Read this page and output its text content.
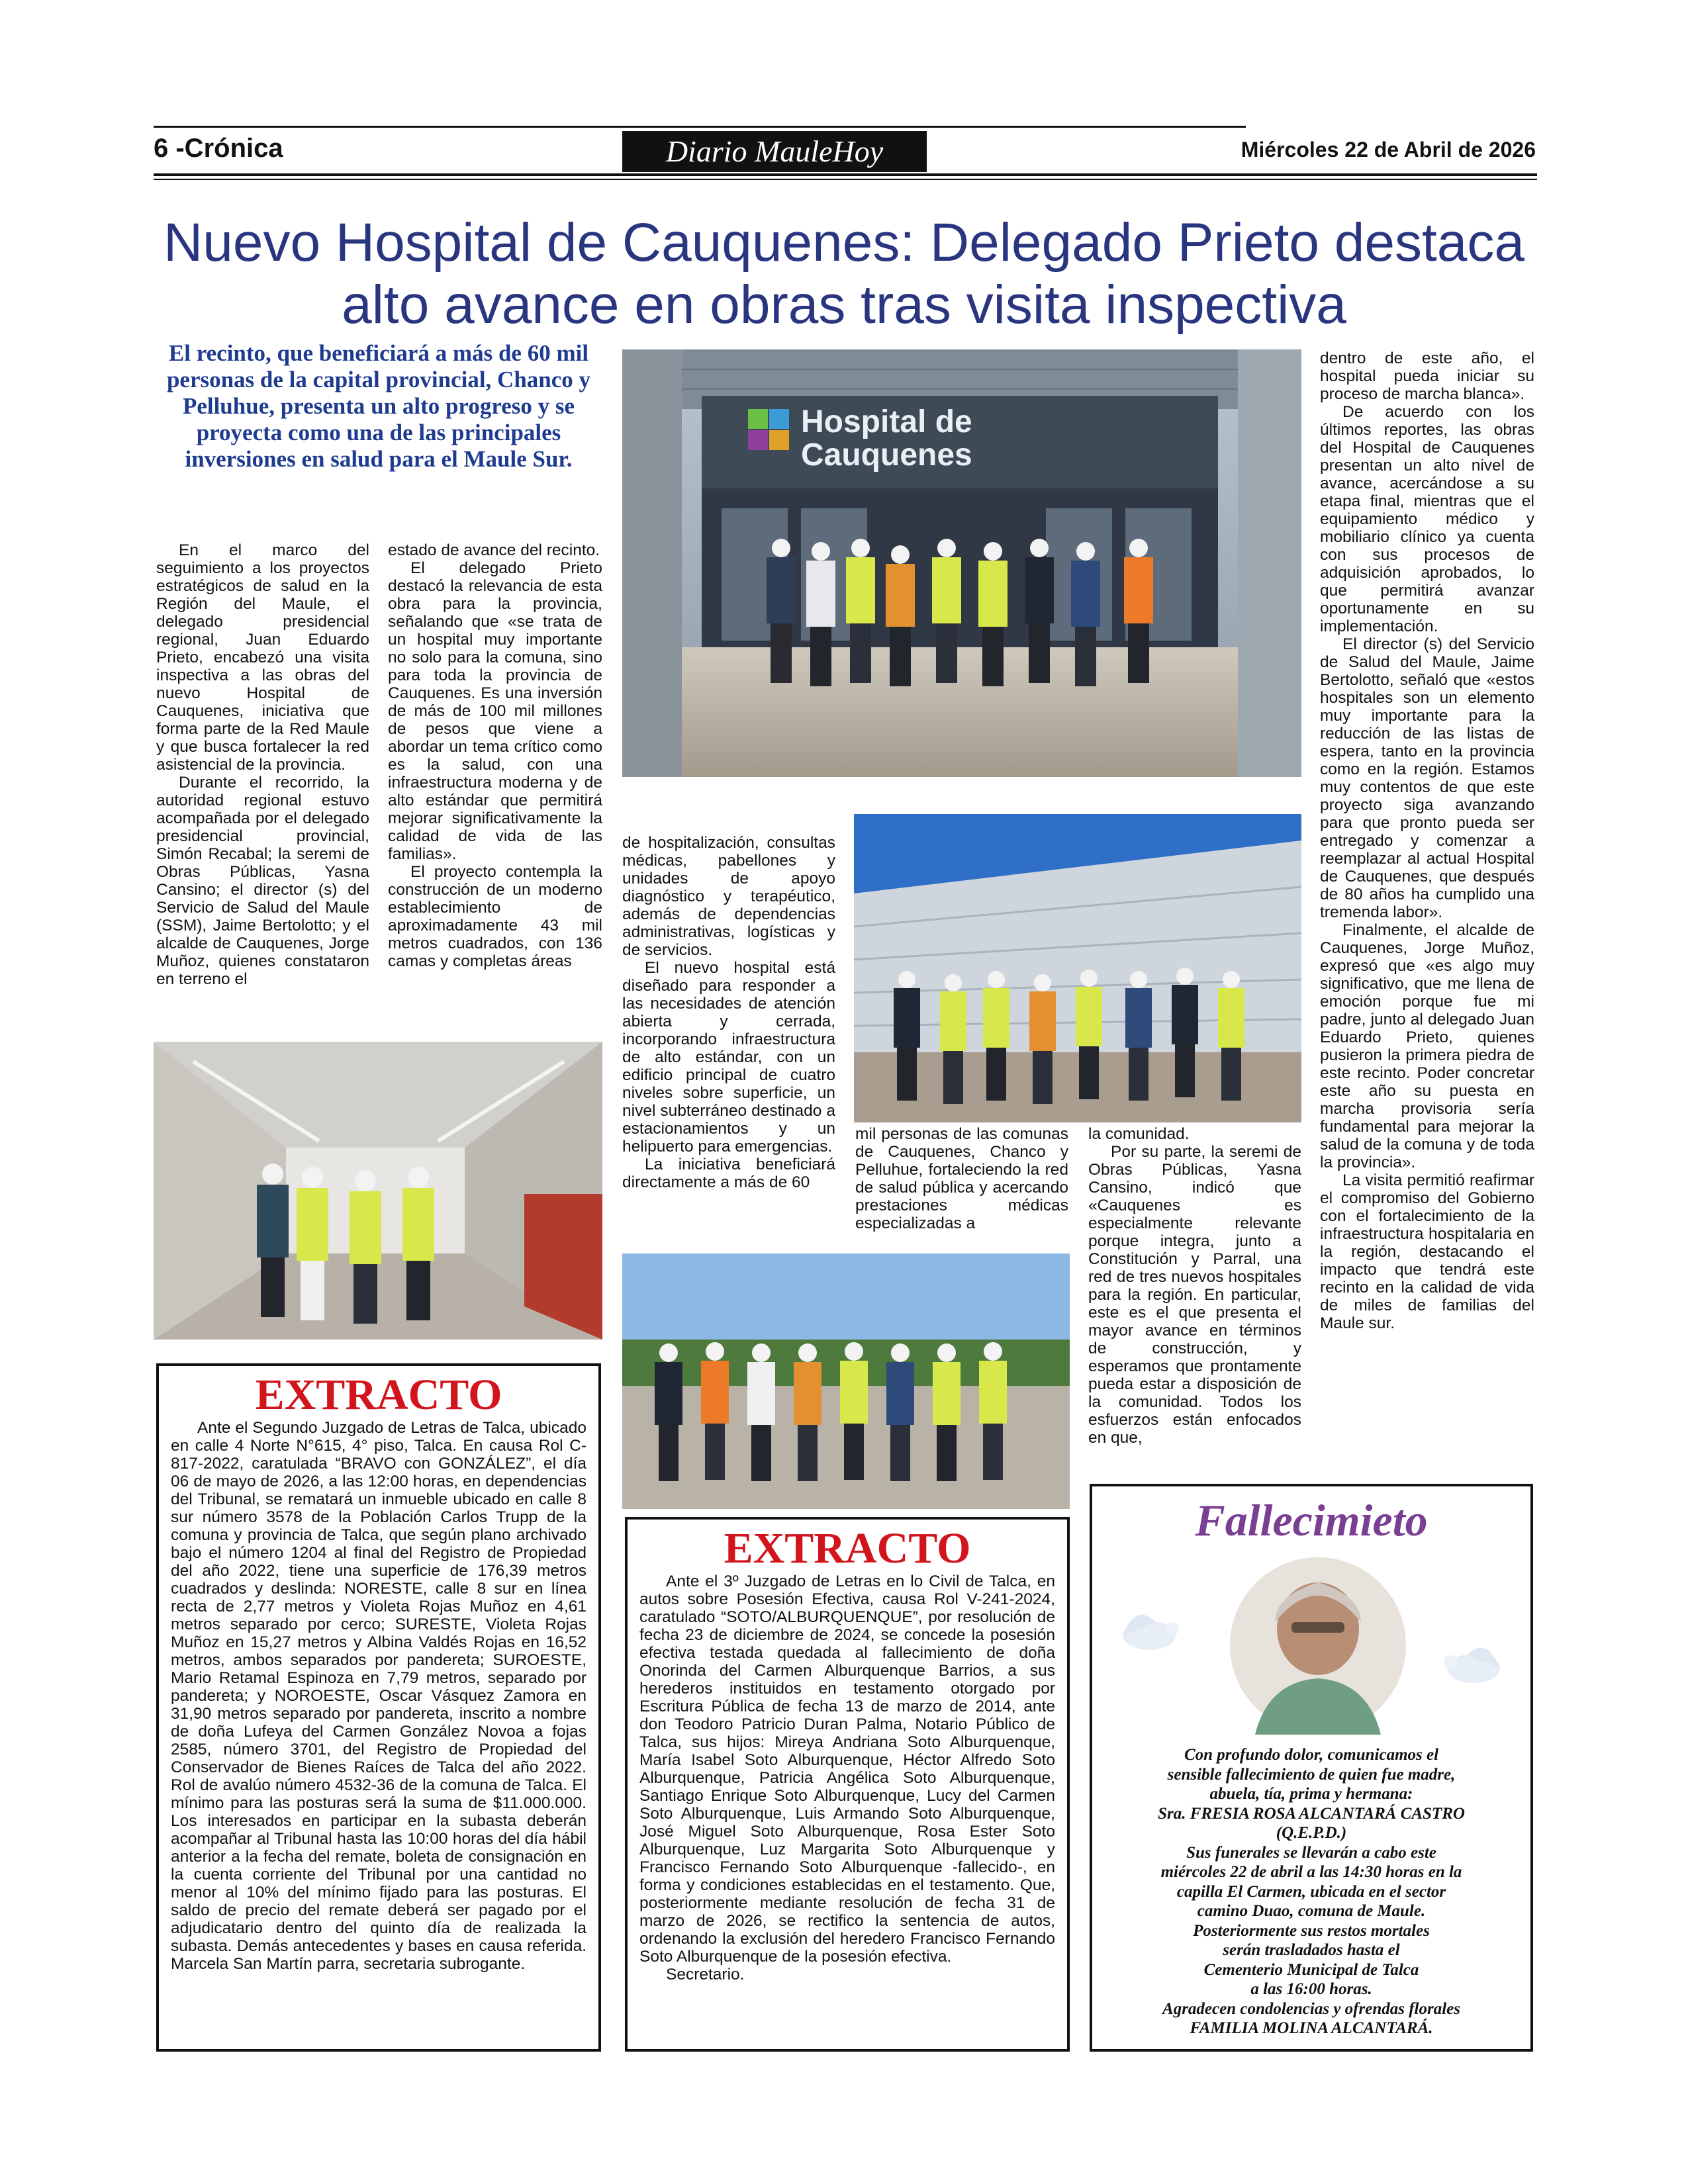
6 -Crónica	Diario MauleHoy	Miércoles 22 de Abril de 2026
Nuevo Hospital de Cauquenes: Delegado Prieto destaca alto avance en obras tras visita inspectiva
El recinto, que beneficiará a más de 60 mil personas de la capital provincial, Chanco y Pelluhue, presenta un alto progreso y se proyecta como una de las principales inversiones en salud para el Maule Sur.

En el marco del seguimiento a los proyectos estratégicos de salud en la Región del Maule, el delegado presidencial regional, Juan Eduardo Prieto, encabezó una visita inspectiva a las obras del nuevo Hospital de Cauquenes, iniciativa que forma parte de la Red Maule y que busca fortalecer la red asistencial de la provincia.

Durante el recorrido, la autoridad regional estuvo acompañada por el delegado presidencial provincial, Simón Recabal; la seremi de Obras Públicas, Yasna Cansino; el director (s) del Servicio de Salud del Maule (SSM), Jaime Bertolotto; y el alcalde de Cauquenes, Jorge Muñoz, quienes constataron en terreno el

estado de avance del recinto.

El delegado Prieto destacó la relevancia de esta obra para la provincia, señalando que «se trata de un hospital muy importante no solo para la comuna, sino para toda la provincia de Cauquenes. Es una inversión de más de 100 mil millones de pesos que viene a abordar un tema crítico como es la salud, con una infraestructura moderna y de alto estándar que permitirá mejorar significativamente la calidad de vida de las familias».

El proyecto contempla la construcción de un moderno establecimiento de aproximadamente 43 mil metros cuadrados, con 136 camas y completas áreas

Hospital de
Cauquenes

de hospitalización, consultas médicas, pabellones y unidades de apoyo diagnóstico y terapéutico, además de dependencias administrativas, logísticas y de servicios.

El nuevo hospital está diseñado para responder a las necesidades de atención abierta y cerrada, incorporando infraestructura de alto estándar, con un edificio principal de cuatro niveles sobre superficie, un nivel subterráneo destinado a estacionamientos y un helipuerto para emergencias.

La iniciativa beneficiará directamente a más de 60

mil personas de las comunas de Cauquenes, Chanco y Pelluhue, fortaleciendo la red de salud pública y acercando prestaciones médicas especializadas a

la comunidad.

Por su parte, la seremi de Obras Públicas, Yasna Cansino, indicó que «Cauquenes es especialmente relevante porque integra, junto a Constitución y Parral, una red de tres nuevos hospitales para la región. En particular, este es el que presenta el mayor avance en términos de construcción, y esperamos que prontamente pueda estar a disposición de la comunidad. Todos los esfuerzos están enfocados en que,

dentro de este año, el hospital pueda iniciar su proceso de marcha blanca».

De acuerdo con los últimos reportes, las obras del Hospital de Cauquenes presentan un alto nivel de avance, acercándose a su etapa final, mientras que el equipamiento médico y mobiliario clínico ya cuenta con sus procesos de adquisición aprobados, lo que permitirá avanzar oportunamente en su implementación.

El director (s) del Servicio de Salud del Maule, Jaime Bertolotto, señaló que «estos hospitales son un elemento muy importante para la reducción de las listas de espera, tanto en la provincia como en la región. Estamos muy contentos de que este proyecto siga avanzando para que pronto pueda ser entregado y comenzar a reemplazar al actual Hospital de Cauquenes, que después de 80 años ha cumplido una tremenda labor».

Finalmente, el alcalde de Cauquenes, Jorge Muñoz, expresó que «es algo muy significativo, que me llena de emoción porque fue mi padre, junto al delegado Juan Eduardo Prieto, quienes pusieron la primera piedra de este recinto. Poder concretar este año su puesta en marcha provisoria sería fundamental para mejorar la salud de la comuna y de toda la provincia».

La visita permitió reafirmar el compromiso del Gobierno con el fortalecimiento de la infraestructura hospitalaria en la región, destacando el impacto que tendrá este recinto en la calidad de vida de miles de familias del Maule sur.

EXTRACTO

Ante el Segundo Juzgado de Letras de Talca, ubicado en calle 4 Norte N°615, 4° piso, Talca. En causa Rol C-817-2022, caratulada “BRAVO con GONZÁLEZ”, el día 06 de mayo de 2026, a las 12:00 horas, en dependencias del Tribunal, se rematará un inmueble ubicado en calle 8 sur número 3578 de la Población Carlos Trupp de la comuna y provincia de Talca, que según plano archivado bajo el número 1204 al final del Registro de Propiedad del año 2022, tiene una superficie de 176,39 metros cuadrados y deslinda: NORESTE, calle 8 sur en línea recta de 2,77 metros y Violeta Rojas Muñoz en 4,61 metros separado por cerco; SURESTE, Violeta Rojas Muñoz en 15,27 metros y Albina Valdés Rojas en 16,52 metros, ambos separados por pandereta; SUROESTE, Mario Retamal Espinoza en 7,79 metros, separado por pandereta; y NOROESTE, Oscar Vásquez Zamora en 31,90 metros separado por pandereta, inscrito a nombre de doña Lufeya del Carmen González Novoa a fojas 2585, número 3701, del Registro de Propiedad del Conservador de Bienes Raíces de Talca del año 2022. Rol de avalúo número 4532-36 de la comuna de Talca. El mínimo para las posturas será la suma de $11.000.000. Los interesados en participar en la subasta deberán acompañar al Tribunal hasta las 10:00 horas del día hábil anterior a la fecha del remate, boleta de consignación en la cuenta corriente del Tribunal por una cantidad no menor al 10% del mínimo fijado para las posturas. El saldo de precio del remate deberá ser pagado por el adjudicatario dentro del quinto día de realizada la subasta. Demás antecedentes y bases en causa referida. Marcela San Martín parra, secretaria subrogante.

EXTRACTO

Ante el 3º Juzgado de Letras en lo Civil de Talca, en autos sobre Posesión Efectiva, causa Rol V-241-2024, caratulado “SOTO/ALBURQUENQUE”, por resolución de fecha 23 de diciembre de 2024, se concede la posesión efectiva testada quedada al fallecimiento de doña Onorinda del Carmen Alburquenque Barrios, a sus herederos instituidos en testamento otorgado por Escritura Pública de fecha 13 de marzo de 2014, ante don Teodoro Patricio Duran Palma, Notario Público de Talca, sus hijos: Mireya Andriana Soto Alburquenque, María Isabel Soto Alburquenque, Héctor Alfredo Soto Alburquenque, Patricia Angélica Soto Alburquenque, Santiago Enrique Soto Alburquenque, Lucy del Carmen Soto Alburquenque, Luis Armando Soto Alburquenque, José Miguel Soto Alburquenque, Rosa Ester Soto Alburquenque, Luz Margarita Soto Alburquenque y Francisco Fernando Soto Alburquenque -fallecido-, en forma y condiciones establecidas en el testamento. Que, posteriormente mediante resolución de fecha 31 de marzo de 2026, se rectifico la sentencia de autos, ordenando la exclusión del heredero Francisco Fernando Soto Alburquenque de la posesión efectiva.

Secretario.

Fallecimieto
Con profundo dolor, comunicamos el
sensible fallecimiento de quien fue madre,
abuela, tía, prima y hermana:
Sra. FRESIA ROSA ALCANTARÁ CASTRO
(Q.E.P.D.)
Sus funerales se llevarán a cabo este
miércoles 22 de abril a las 14:30 horas en la
capilla El Carmen, ubicada en el sector
camino Duao, comuna de Maule.
Posteriormente sus restos mortales
serán trasladados hasta el
Cementerio Municipal de Talca
a las 16:00 horas.
Agradecen condolencias y ofrendas florales
FAMILIA MOLINA ALCANTARÁ.
